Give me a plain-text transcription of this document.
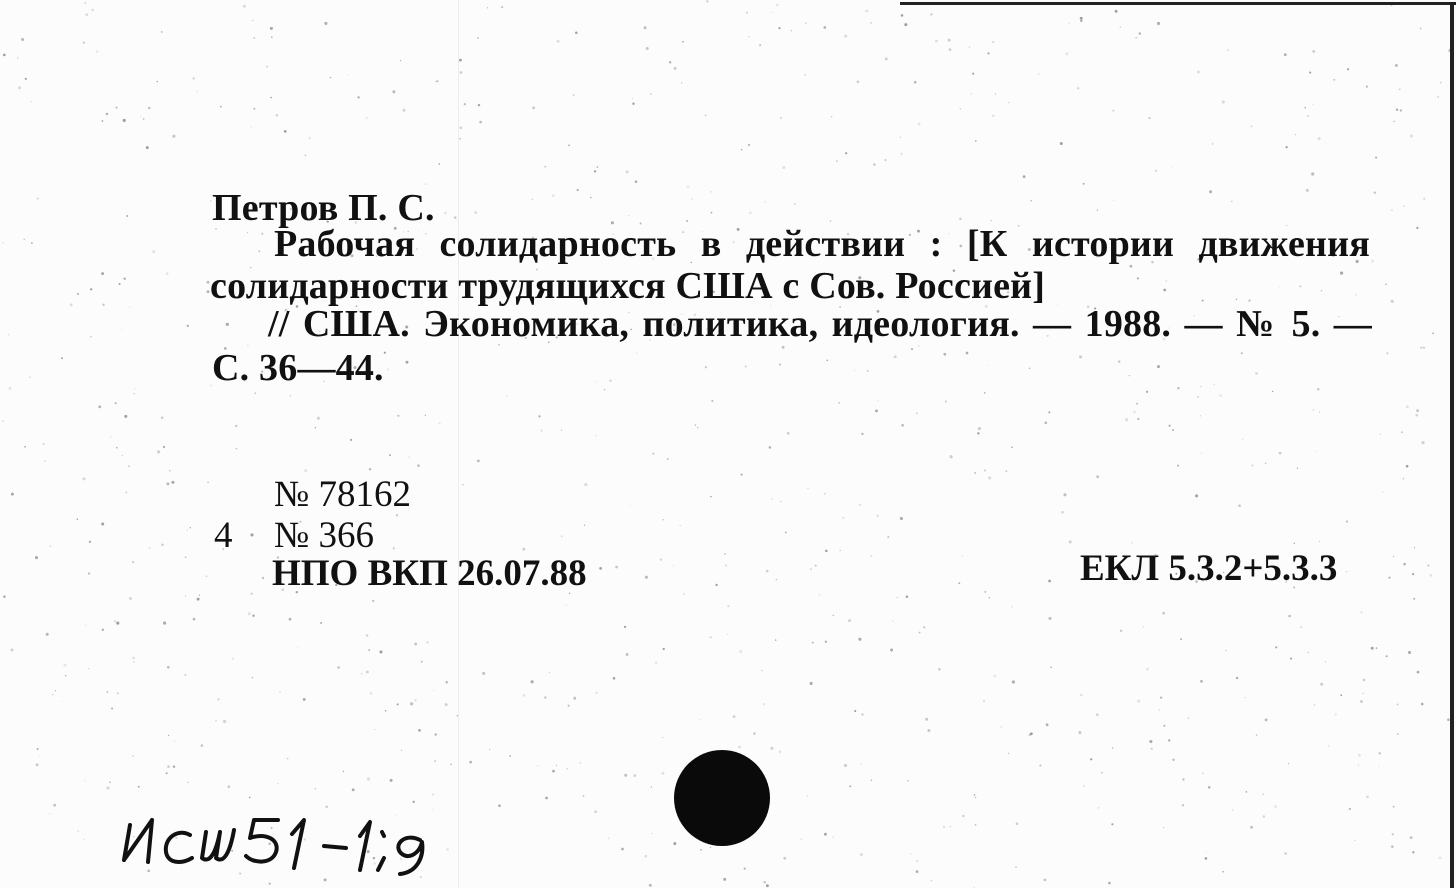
Петров П. С.
Рабочая солидарность в действии : [К истории движения
солидарности трудящихся США с Сов. Россией]
// США. Экономика, политика, идеология. — 1988. — № 5. —
С. 36—44.
№ 78162
4 № 366
НПО ВКП 26.07.88	ЕКЛ 5.3.2+5.3.3
